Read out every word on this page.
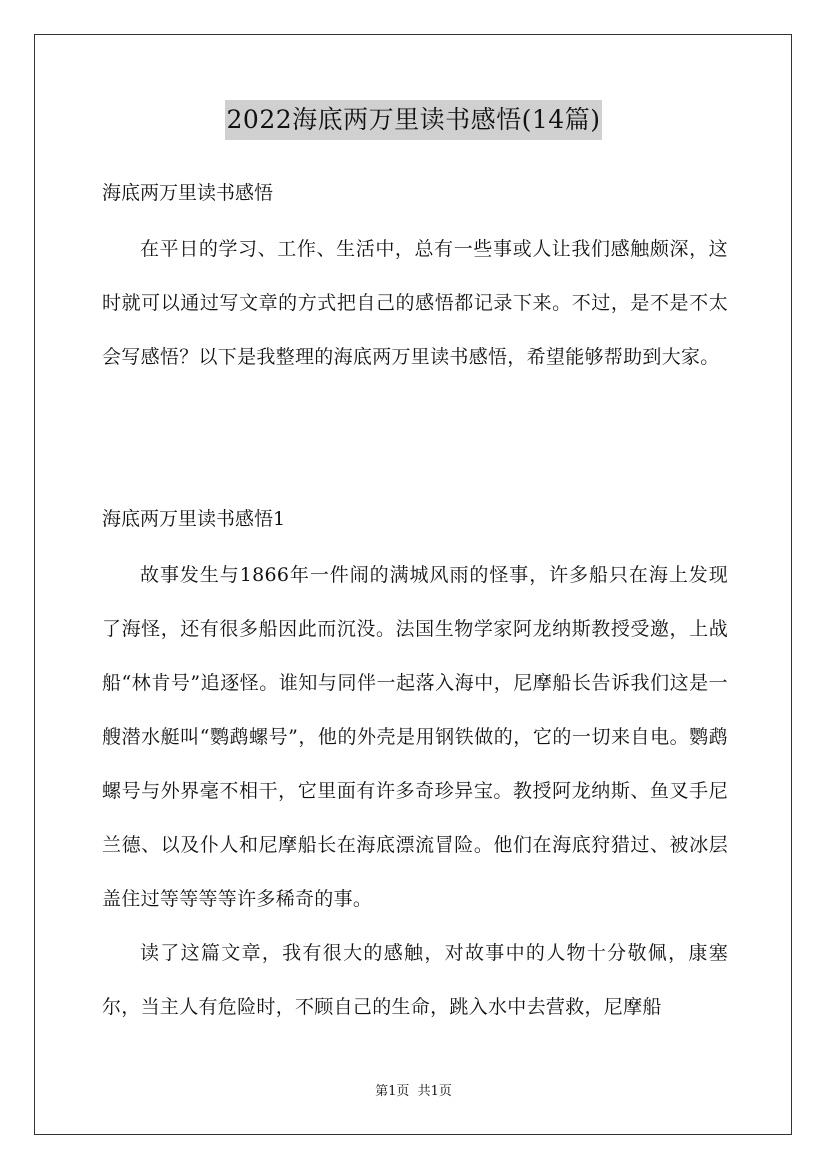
2022海底两万里读书感悟(14篇)
海底两万里读书感悟

在平日的学习、工作、生活中，总有一些事或人让我们感触颇深，这时就可以通过写文章的方式把自己的感悟都记录下来。不过，是不是不太会写感悟？以下是我整理的海底两万里读书感悟，希望能够帮助到大家。

海底两万里读书感悟1

故事发生与1866年一件闹的满城风雨的怪事，许多船只在海上发现了海怪，还有很多船因此而沉没。法国生物学家阿龙纳斯教授受邀，上战船“林肯号”追逐怪。谁知与同伴一起落入海中，尼摩船长告诉我们这是一艘潜水艇叫“鹦鹉螺号”，他的外壳是用钢铁做的，它的一切来自电。鹦鹉螺号与外界毫不相干，它里面有许多奇珍异宝。教授阿龙纳斯、鱼叉手尼兰德、以及仆人和尼摩船长在海底漂流冒险。他们在海底狩猎过、被冰层盖住过等等等等许多稀奇的事。

读了这篇文章，我有很大的感触，对故事中的人物十分敬佩，康塞尔，当主人有危险时，不顾自己的生命，跳入水中去营救，尼摩船

第1页 共1页
